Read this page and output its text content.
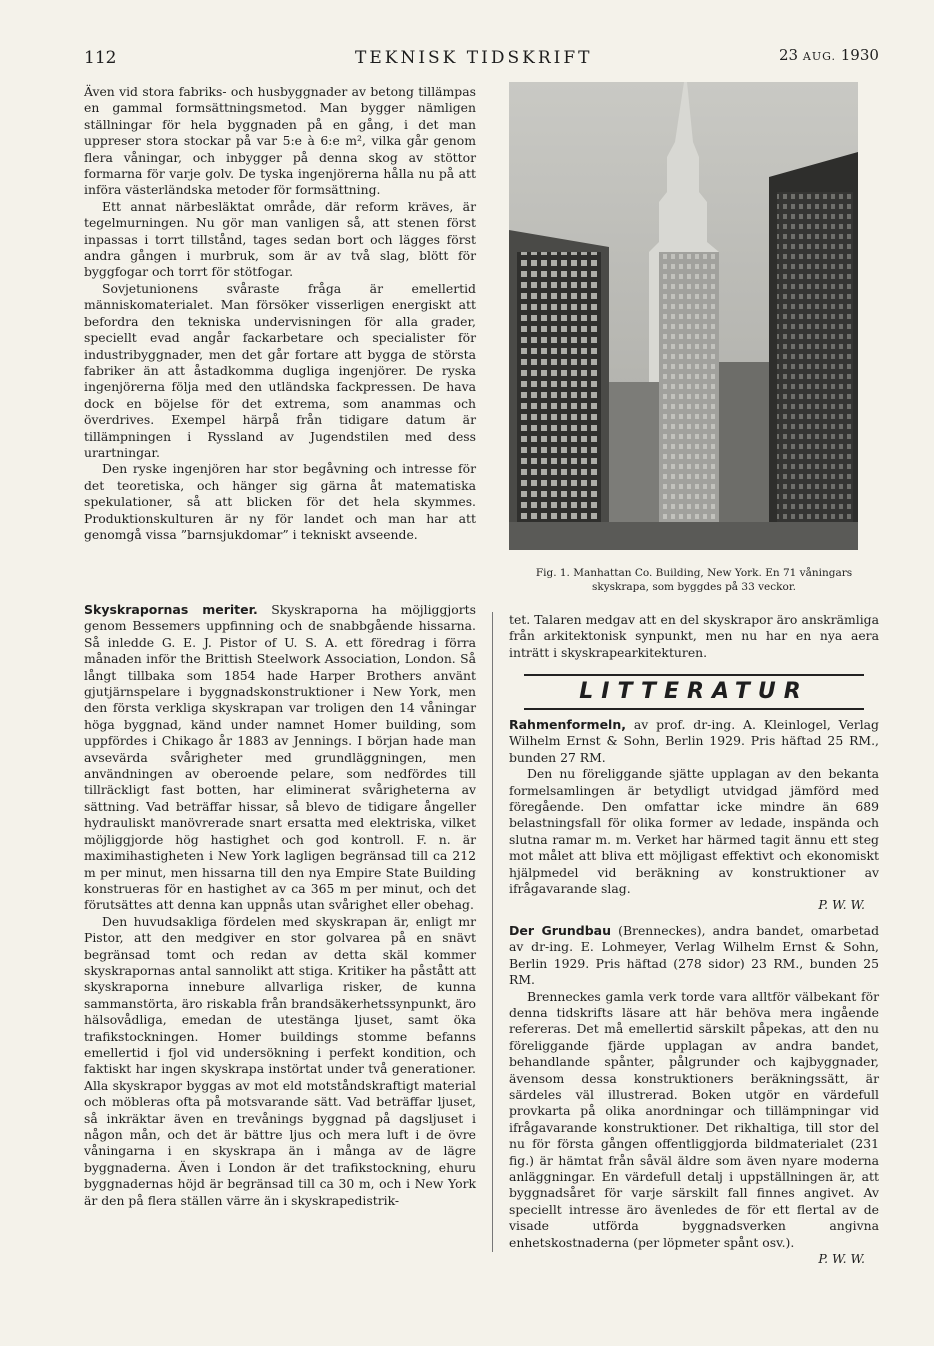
112	TEKNISK TIDSKRIFT	23 AUG. 1930

Även vid stora fabriks- och husbyggnader av betong tillämpas en gammal formsättningsmetod. Man bygger nämligen ställningar för hela byggnaden på en gång, i det man uppreser stora stockar på var 5:e à 6:e m², vilka går genom flera våningar, och inbygger på denna skog av stöttor formarna för varje golv. De tyska ingenjörerna hålla nu på att införa västerländska metoder för formsättning.

Ett annat närbesläktat område, där reform kräves, är tegelmurningen. Nu gör man vanligen så, att stenen först inpassas i torrt tillstånd, tages sedan bort och lägges först andra gången i murbruk, som är av två slag, blött för byggfogar och torrt för stötfogar.

Sovjetunionens svåraste fråga är emellertid människomaterialet. Man försöker visserligen energiskt att befordra den tekniska undervisningen för alla grader, speciellt evad angår fackarbetare och specialister för industribyggnader, men det går fortare att bygga de största fabriker än att åstadkomma dugliga ingenjörer. De ryska ingenjörerna följa med den utländska fackpressen. De hava dock en böjelse för det extrema, som anammas och överdrives. Exempel härpå från tidigare datum är tillämpningen i Ryssland av Jugendstilen med dess urartningar.

Den ryske ingenjören har stor begåvning och intresse för det teoretiska, och hänger sig gärna åt matematiska spekulationer, så att blicken för det hela skymmes. Produktionskulturen är ny för landet och man har att genomgå vissa ”barnsjukdomar” i tekniskt avseende.

Fig. 1. Manhattan Co. Building, New York. En 71 våningars
skyskrapa, som byggdes på 33 veckor.

Skyskrapornas meriter. Skyskraporna ha möjliggjorts genom Bessemers uppfinning och de snabbgående hissarna. Så inledde G. E. J. Pistor of U. S. A. ett föredrag i förra månaden inför the Brittish Steelwork Association, London. Så långt tillbaka som 1854 hade Harper Brothers använt gjutjärnspelare i byggnadskonstruktioner i New York, men den första verkliga skyskrapan var troligen den 14 våningar höga byggnad, känd under namnet Homer building, som uppfördes i Chikago år 1883 av Jennings. I början hade man avsevärda svårigheter med grundläggningen, men användningen av oberoende pelare, som nedfördes till tillräckligt fast botten, har eliminerat svårigheterna av sättning. Vad beträffar hissar, så blevo de tidigare ångeller hydrauliskt manövrerade snart ersatta med elektriska, vilket möjliggjorde hög hastighet och god kontroll. F. n. är maximihastigheten i New York lagligen begränsad till ca 212 m per minut, men hissarna till den nya Empire State Building konstrueras för en hastighet av ca 365 m per minut, och det förutsättes att denna kan uppnås utan svårighet eller obehag.

Den huvudsakliga fördelen med skyskrapan är, enligt mr Pistor, att den medgiver en stor golvarea på en snävt begränsad tomt och redan av detta skäl kommer skyskrapornas antal sannolikt att stiga. Kritiker ha påstått att skyskraporna innebure allvarliga risker, de kunna sammanstörta, äro riskabla från brandsäkerhetssynpunkt, äro hälsovådliga, emedan de utestänga ljuset, samt öka trafikstockningen. Homer buildings stomme befanns emellertid i fjol vid undersökning i perfekt kondition, och faktiskt har ingen skyskrapa instörtat under två generationer. Alla skyskrapor byggas av mot eld motståndskraftigt material och möbleras ofta på motsvarande sätt. Vad beträffar ljuset, så inkräktar även en trevånings byggnad på dagsljuset i någon mån, och det är bättre ljus och mera luft i de övre våningarna i en skyskrapa än i många av de lägre byggnaderna. Även i London är det trafikstockning, ehuru byggnadernas höjd är begränsad till ca 30 m, och i New York är den på flera ställen värre än i skyskrapedistrik-

tet. Talaren medgav att en del skyskrapor äro anskrämliga från arkitektonisk synpunkt, men nu har en nya aera inträtt i skyskrapearkitekturen.

LITTERATUR

Rahmenformeln, av prof. dr-ing. A. Kleinlogel, Verlag Wilhelm Ernst & Sohn, Berlin 1929. Pris häftad 25 RM., bunden 27 RM.

Den nu föreliggande sjätte upplagan av den bekanta formelsamlingen är betydligt utvidgad jämförd med föregående. Den omfattar icke mindre än 689 belastningsfall för olika former av ledade, inspända och slutna ramar m. m. Verket har härmed tagit ännu ett steg mot målet att bliva ett möjligast effektivt och ekonomiskt hjälpmedel vid beräkning av konstruktioner av ifrågavarande slag.

P. W. W.

Der Grundbau (Brenneckes), andra bandet, omarbetad av dr-ing. E. Lohmeyer, Verlag Wilhelm Ernst & Sohn, Berlin 1929. Pris häftad (278 sidor) 23 RM., bunden 25 RM.

Brenneckes gamla verk torde vara alltför välbekant för denna tidskrifts läsare att här behöva mera ingående refereras. Det må emellertid särskilt påpekas, att den nu föreliggande fjärde upplagan av andra bandet, behandlande spånter, pålgrunder och kajbyggnader, ävensom dessa konstruktioners beräkningssätt, är särdeles väl illustrerad. Boken utgör en värdefull provkarta på olika anordningar och tillämpningar vid ifrågavarande konstruktioner. Det rikhaltiga, till stor del nu för första gången offentliggjorda bildmaterialet (231 fig.) är hämtat från såväl äldre som även nyare moderna anläggningar. En värdefull detalj i uppställningen är, att byggnadsåret för varje särskilt fall finnes angivet. Av speciellt intresse äro ävenledes de för ett flertal av de visade utförda byggnadsverken angivna enhetskostnaderna (per löpmeter spånt osv.).

P. W. W.
